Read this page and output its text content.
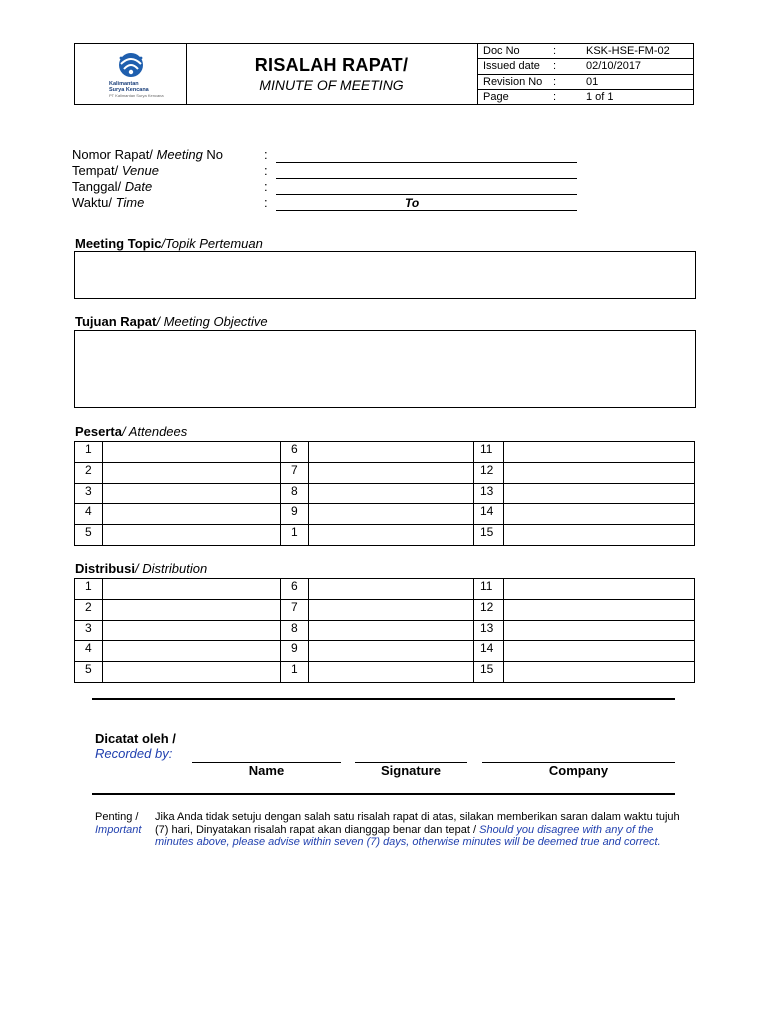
Kalimantan
Surya Kencana
PT Kalimantan Surya Kencana
RISALAH RAPAT/
MINUTE OF MEETING
Doc No	:	KSK-HSE-FM-02
Issued date :	02/10/2017
Revision No :	01
Page	:	1 of 1
Nomor Rapat/ Meeting No	:
Tempat/ Venue	:
Tanggal/ Date	:
Waktu/ Time	:	To
Meeting Topic/Topik Pertemuan
Tujuan Rapat/ Meeting Objective
Peserta/ Attendees
1		6		11	
2		7		12	
3		8		13	
4		9		14	
5		1		15	
Distribusi/ Distribution
1		6		11	
2		7		12	
3		8		13	
4		9		14	
5		1		15	
Dicatat oleh /
Recorded by:
Name	Signature	Company
Penting /
Important
Jika Anda tidak setuju dengan salah satu risalah rapat di atas, silakan memberikan saran dalam waktu tujuh (7) hari, Dinyatakan risalah rapat akan dianggap benar dan tepat / Should you disagree with any of the minutes above, please advise within seven (7) days, otherwise minutes will be deemed true and correct.
